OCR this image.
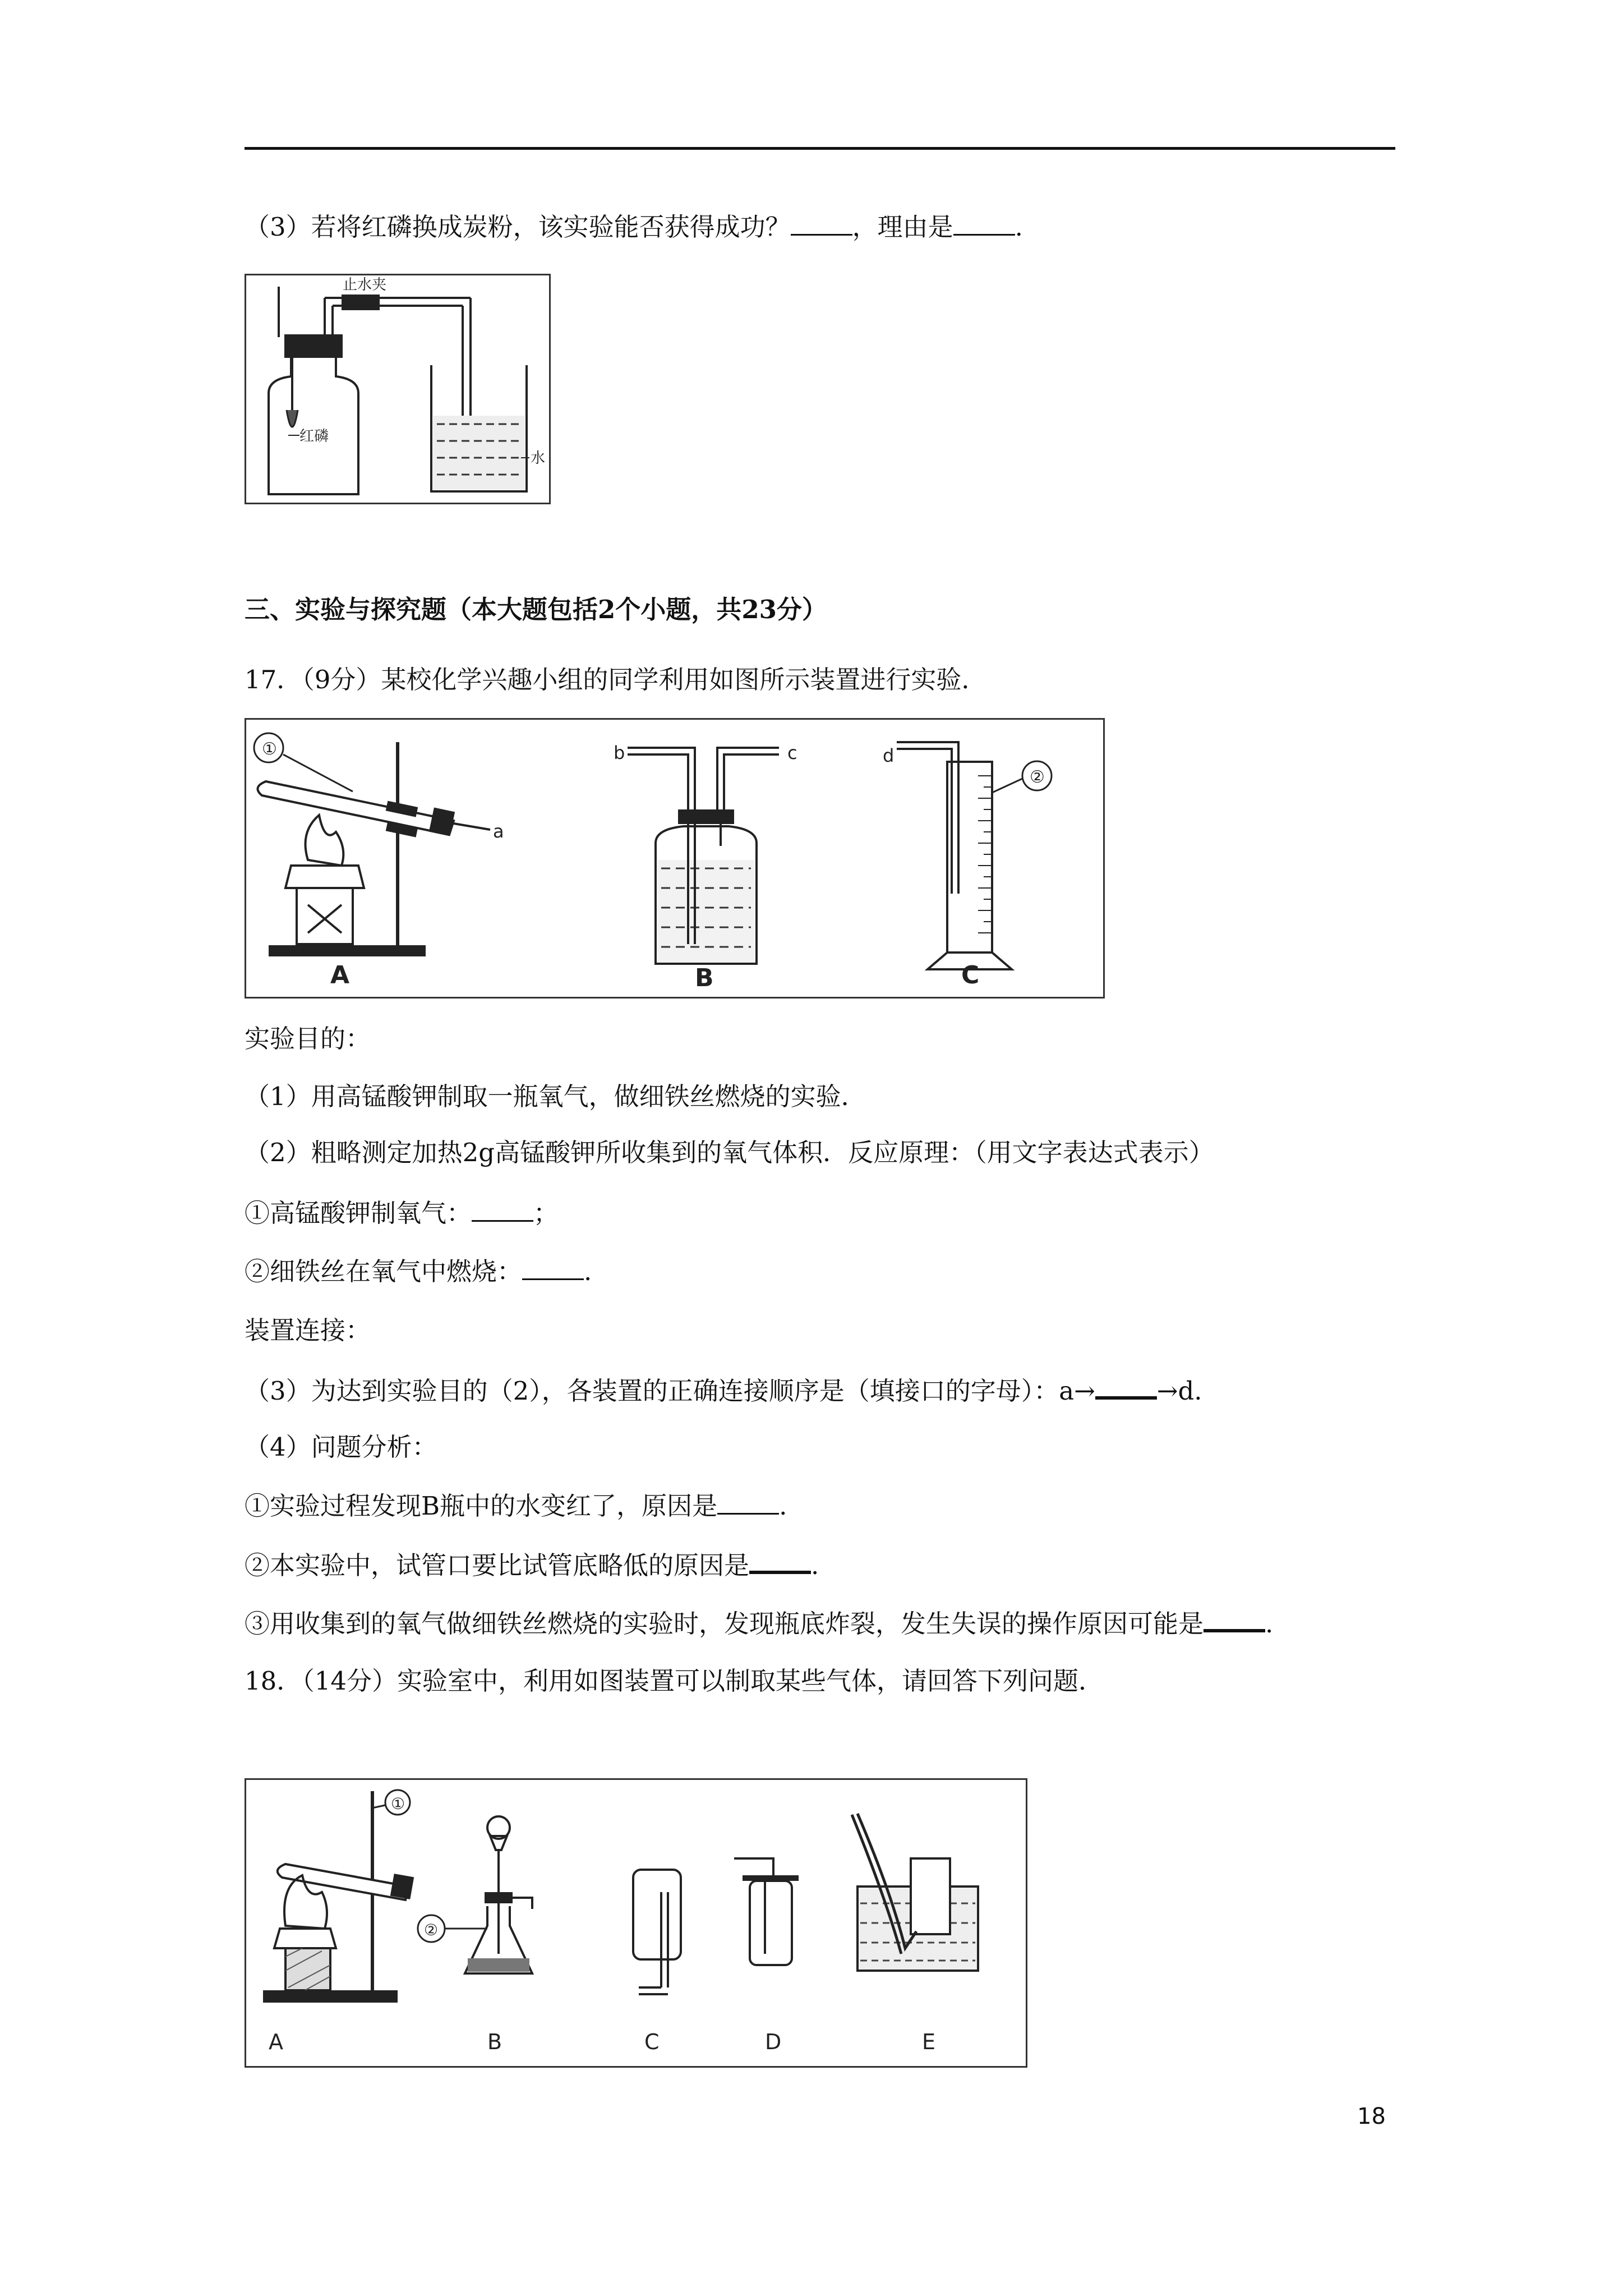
（3）若将红磷换成炭粉，该实验能否获得成功？ ，理由是 .
止水夹
红磷
水
三、实验与探究题（本大题包括2个小题，共23分）
17．（9分）某校化学兴趣小组的同学利用如图所示装置进行实验．
a
①
A
b	c
B
d
②
C
实验目的：
（1）用高锰酸钾制取一瓶氧气，做细铁丝燃烧的实验．
（2）粗略测定加热2g高锰酸钾所收集到的氧气体积．反应原理：（用文字表达式表示）
①高锰酸钾制氧气： ；
②细铁丝在氧气中燃烧： .
装置连接：
（3）为达到实验目的（2），各装置的正确连接顺序是（填接口的字母）：a→ →d.
（4）问题分析：
①实验过程发现B瓶中的水变红了，原因是 .
②本实验中，试管口要比试管底略低的原因是 .
③用收集到的氧气做细铁丝燃烧的实验时，发现瓶底炸裂，发生失误的操作原因可能是 .
18．（14分）实验室中，利用如图装置可以制取某些气体，请回答下列问题．
①
A
②
B	C	D	E
18
